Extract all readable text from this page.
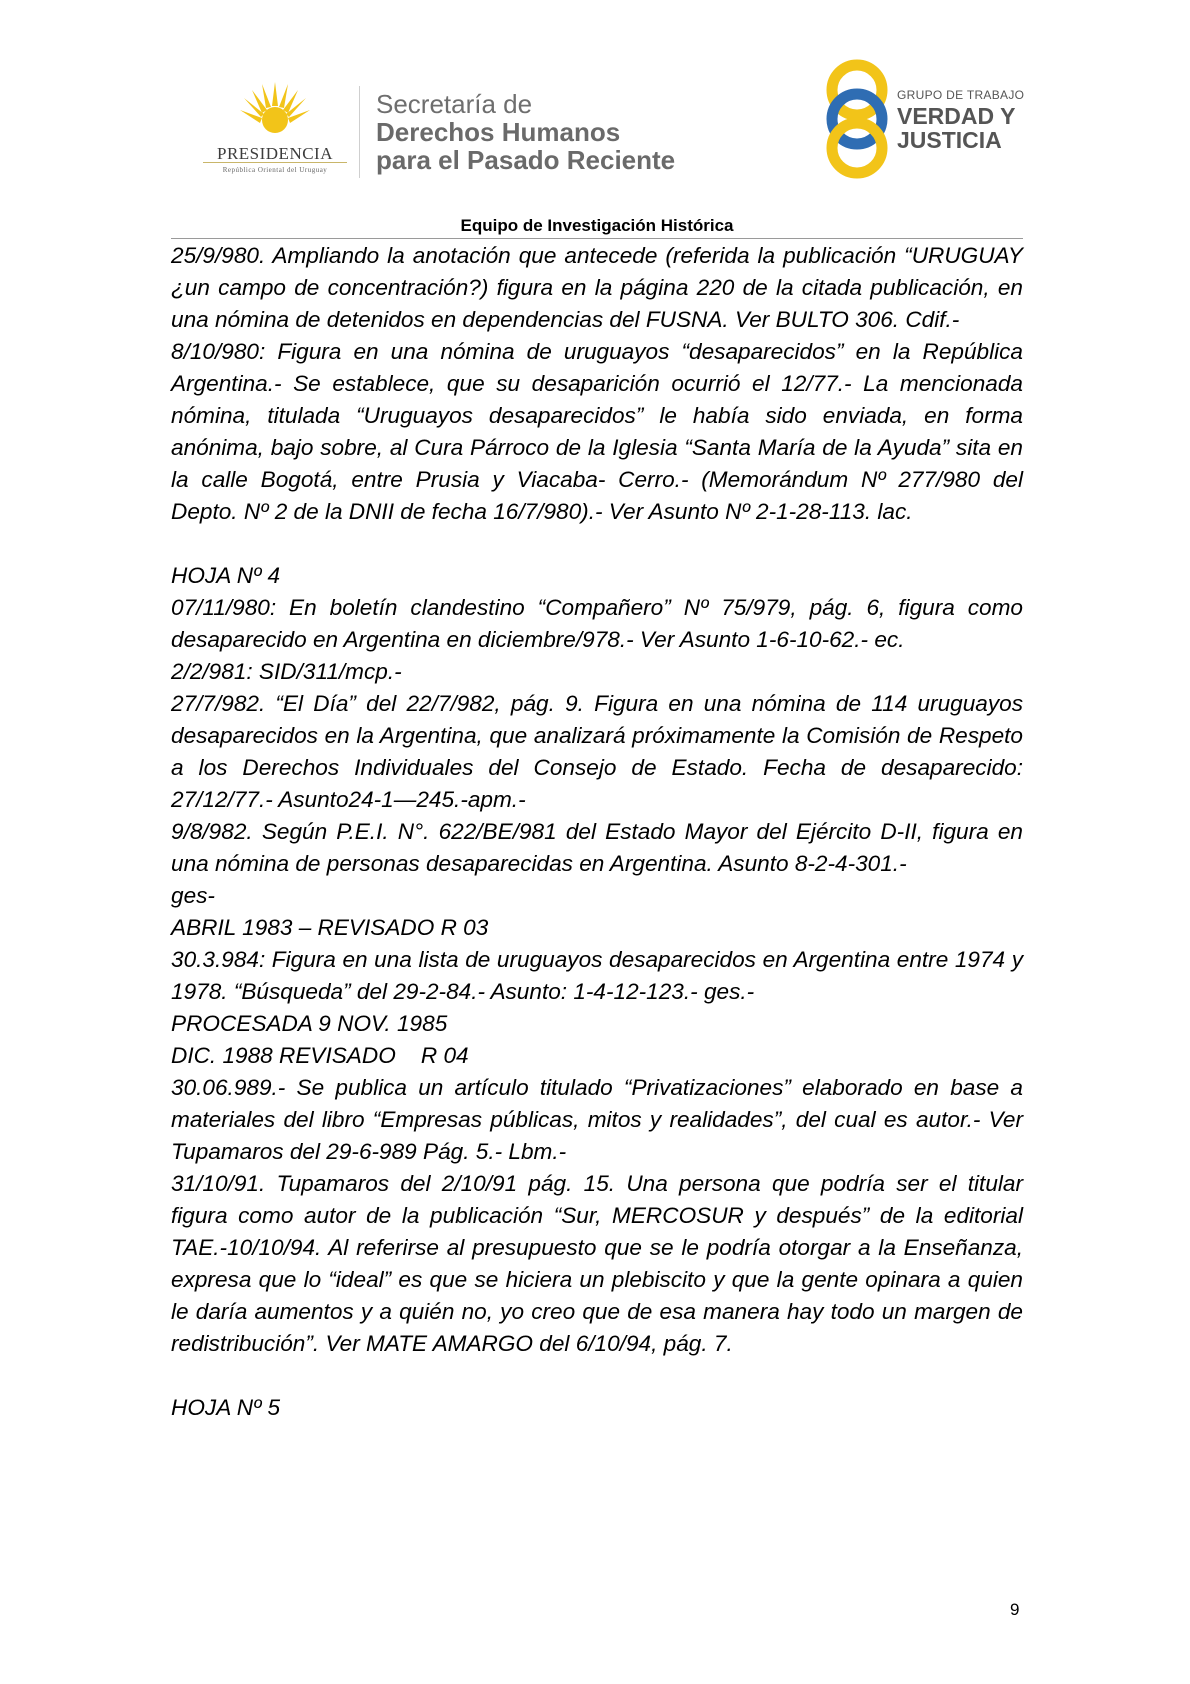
PRESIDENCIA
República Oriental del Uruguay
Secretaría de
Derechos Humanos
para el Pasado Reciente
GRUPO DE TRABAJO
VERDAD Y
JUSTICIA
Equipo de Investigación Histórica

25/9/980. Ampliando la anotación que antecede (referida la publicación “URUGUAY ¿un campo de concentración?) figura en la página 220 de la citada publicación, en una nómina de detenidos en dependencias del FUSNA. Ver BULTO 306. Cdif.-

8/10/980: Figura en una nómina de uruguayos “desaparecidos” en la República Argentina.- Se establece, que su desaparición ocurrió el 12/77.- La mencionada nómina, titulada “Uruguayos desaparecidos” le había sido enviada, en forma anónima, bajo sobre, al Cura Párroco de la Iglesia “Santa María de la Ayuda” sita en la calle Bogotá, entre Prusia y Viacaba- Cerro.- (Memorándum Nº 277/980 del Depto. Nº 2 de la DNII de fecha 16/7/980).- Ver Asunto Nº 2-1-28-113. lac.

HOJA Nº 4

07/11/980: En boletín clandestino “Compañero” Nº 75/979, pág. 6, figura como desaparecido en Argentina en diciembre/978.- Ver Asunto 1-6-10-62.- ec.

2/2/981: SID/311/mcp.-

27/7/982. “El Día” del 22/7/982, pág. 9. Figura en una nómina de 114 uruguayos desaparecidos en la Argentina, que analizará próximamente la Comisión de Respeto a los Derechos Individuales del Consejo de Estado. Fecha de desaparecido: 27/12/77.- Asunto24-1—245.-apm.-

9/8/982. Según P.E.I. N°. 622/BE/981 del Estado Mayor del Ejército D-II, figura en una nómina de personas desaparecidas en Argentina. Asunto 8-2-4-301.-

ges-

ABRIL 1983 – REVISADO R 03

30.3.984: Figura en una lista de uruguayos desaparecidos en Argentina entre 1974 y 1978. “Búsqueda” del 29-2-84.- Asunto: 1-4-12-123.- ges.-

PROCESADA 9 NOV. 1985

DIC. 1988 REVISADO    R 04

30.06.989.- Se publica un artículo titulado “Privatizaciones” elaborado en base a materiales del libro “Empresas públicas, mitos y realidades”, del cual es autor.- Ver Tupamaros del 29-6-989 Pág. 5.- Lbm.-

31/10/91. Tupamaros del 2/10/91 pág. 15. Una persona que podría ser el titular figura como autor de la publicación “Sur, MERCOSUR y después” de la editorial TAE.-10/10/94. Al referirse al presupuesto que se le podría otorgar a la Enseñanza, expresa que lo “ideal” es que se hiciera un plebiscito y que la gente opinara a quien le daría aumentos y a quién no, yo creo que de esa manera hay todo un margen de redistribución”. Ver MATE AMARGO del 6/10/94, pág. 7.

HOJA Nº 5

9
